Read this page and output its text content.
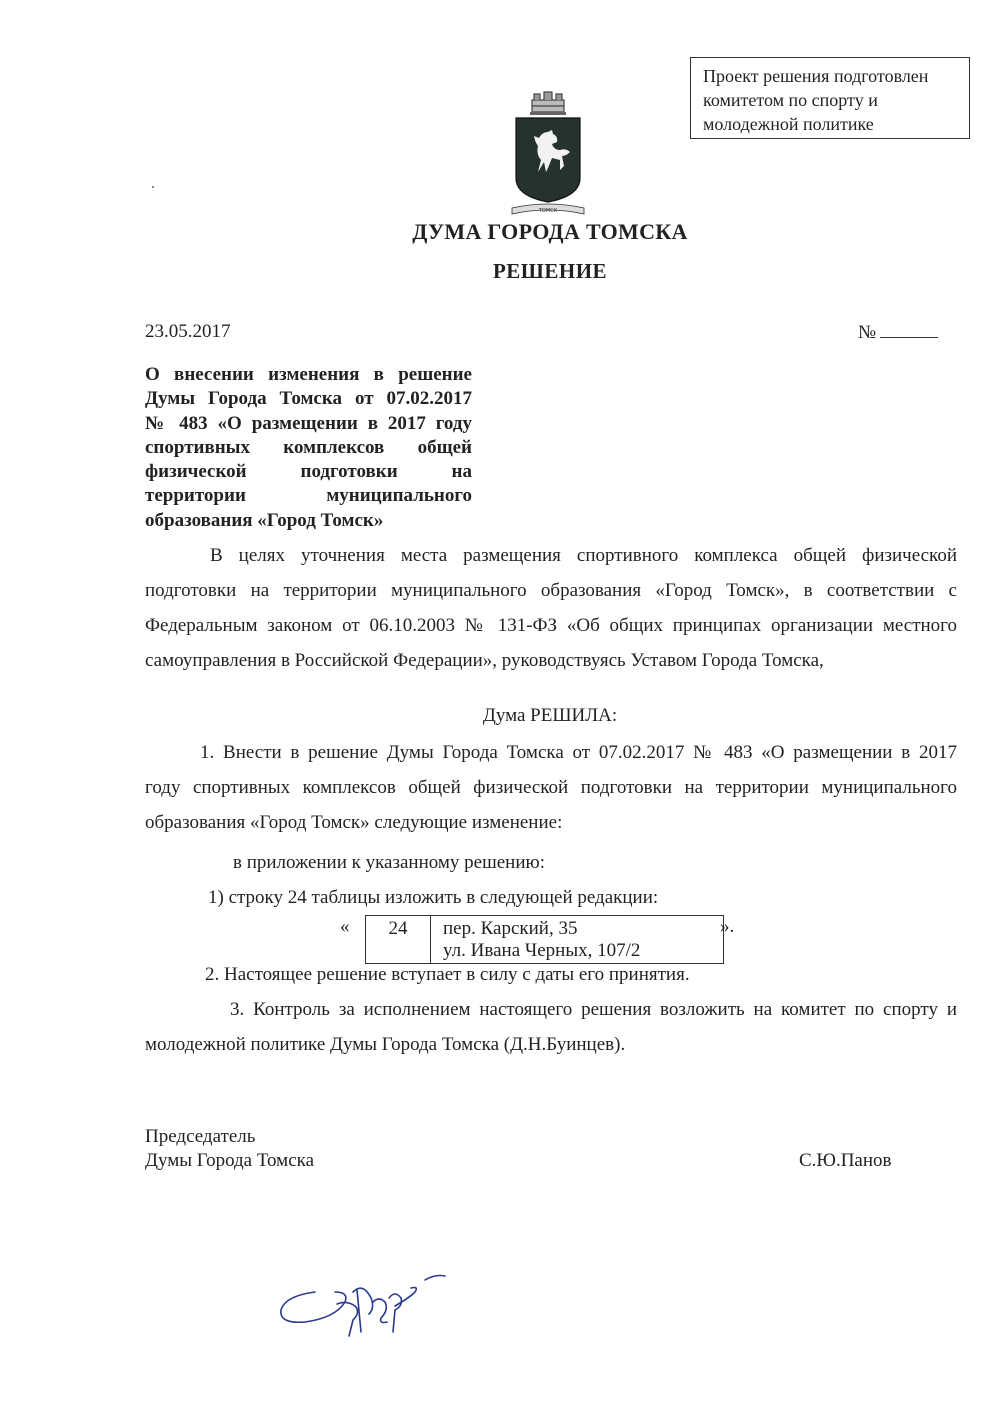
Проект решения подготовлен
комитетом по спорту и
молодежной политике
ТОМСК
ДУМА ГОРОДА ТОМСКА
РЕШЕНИЕ
23.05.2017	№
О внесении изменения в решение
Думы Города Томска от 07.02.2017
№ 483 «О размещении в 2017 году
спортивных комплексов общей
физической подготовки на
территории муниципального
образования «Город Томск»
В целях уточнения места размещения спортивного комплекса общей физической
подготовки на территории муниципального образования «Город Томск», в соответствии с
Федеральным законом от 06.10.2003 № 131-ФЗ «Об общих принципах организации местного
самоуправления в Российской Федерации», руководствуясь Уставом Города Томска,
Дума РЕШИЛА:
1. Внести в решение Думы Города Томска от 07.02.2017 № 483 «О размещении в 2017
году спортивных комплексов общей физической подготовки на территории муниципального
образования «Город Томск» следующие изменение:
в приложении к указанному решению:
1) строку 24 таблицы изложить в следующей редакции:
« 24	пер. Карский, 35
ул. Ивана Черных, 107/2
».
2. Настоящее решение вступает в силу с даты его принятия.
3. Контроль за исполнением настоящего решения возложить на комитет по спорту и
молодежной политике Думы Города Томска (Д.Н.Буинцев).
Председатель
Думы Города Томска	С.Ю.Панов
